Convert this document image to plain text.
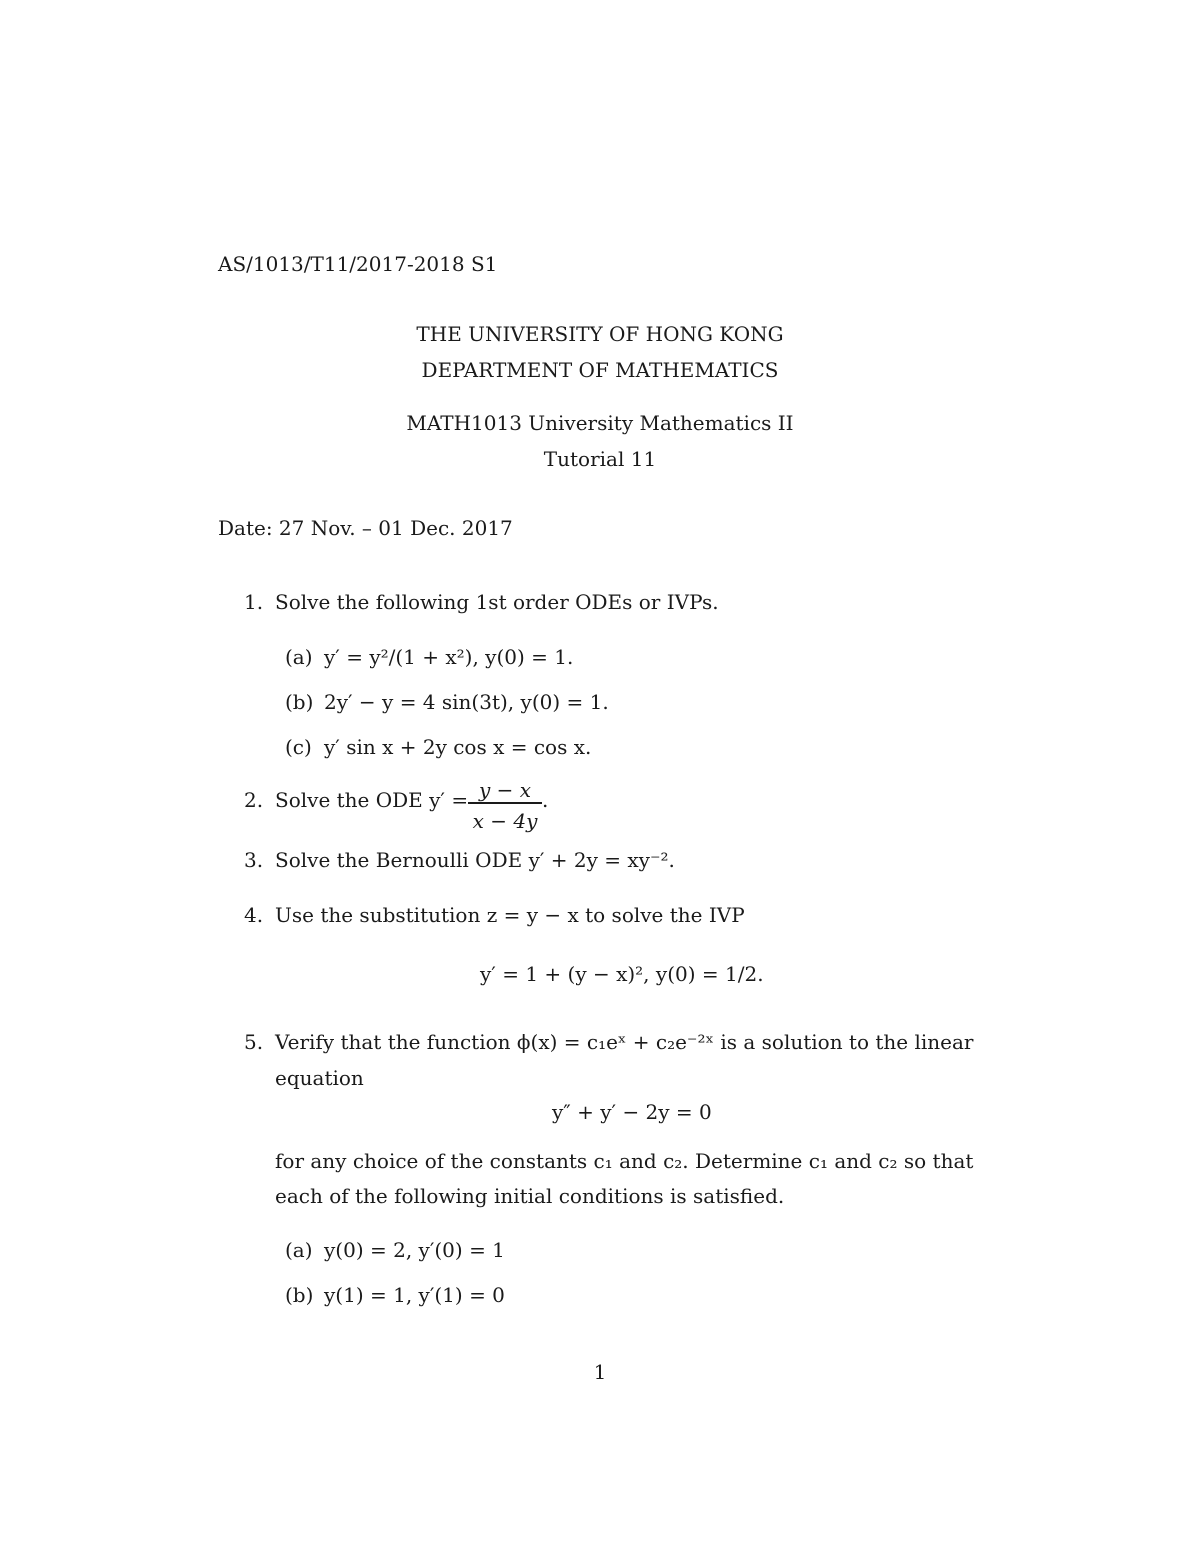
AS/1013/T11/2017-2018 S1
THE UNIVERSITY OF HONG KONG
DEPARTMENT OF MATHEMATICS
MATH1013 University Mathematics II
Tutorial 11
Date: 27 Nov. – 01 Dec. 2017
1. Solve the following 1st order ODEs or IVPs.
(a) y′ = y²/(1 + x²), y(0) = 1.
(b) 2y′ − y = 4 sin(3t), y(0) = 1.
(c) y′ sin x + 2y cos x = cos x.
2. Solve the ODE y′ = y − x
x − 4y
.
3. Solve the Bernoulli ODE y′ + 2y = xy⁻².
4. Use the substitution z = y − x to solve the IVP
y′ = 1 + (y − x)², y(0) = 1/2.
5. Verify that the function ϕ(x) = c₁eˣ + c₂e⁻²ˣ is a solution to the linear
equation
y″ + y′ − 2y = 0
for any choice of the constants c₁ and c₂. Determine c₁ and c₂ so that
each of the following initial conditions is satisfied.
(a) y(0) = 2, y′(0) = 1
(b) y(1) = 1, y′(1) = 0
1
